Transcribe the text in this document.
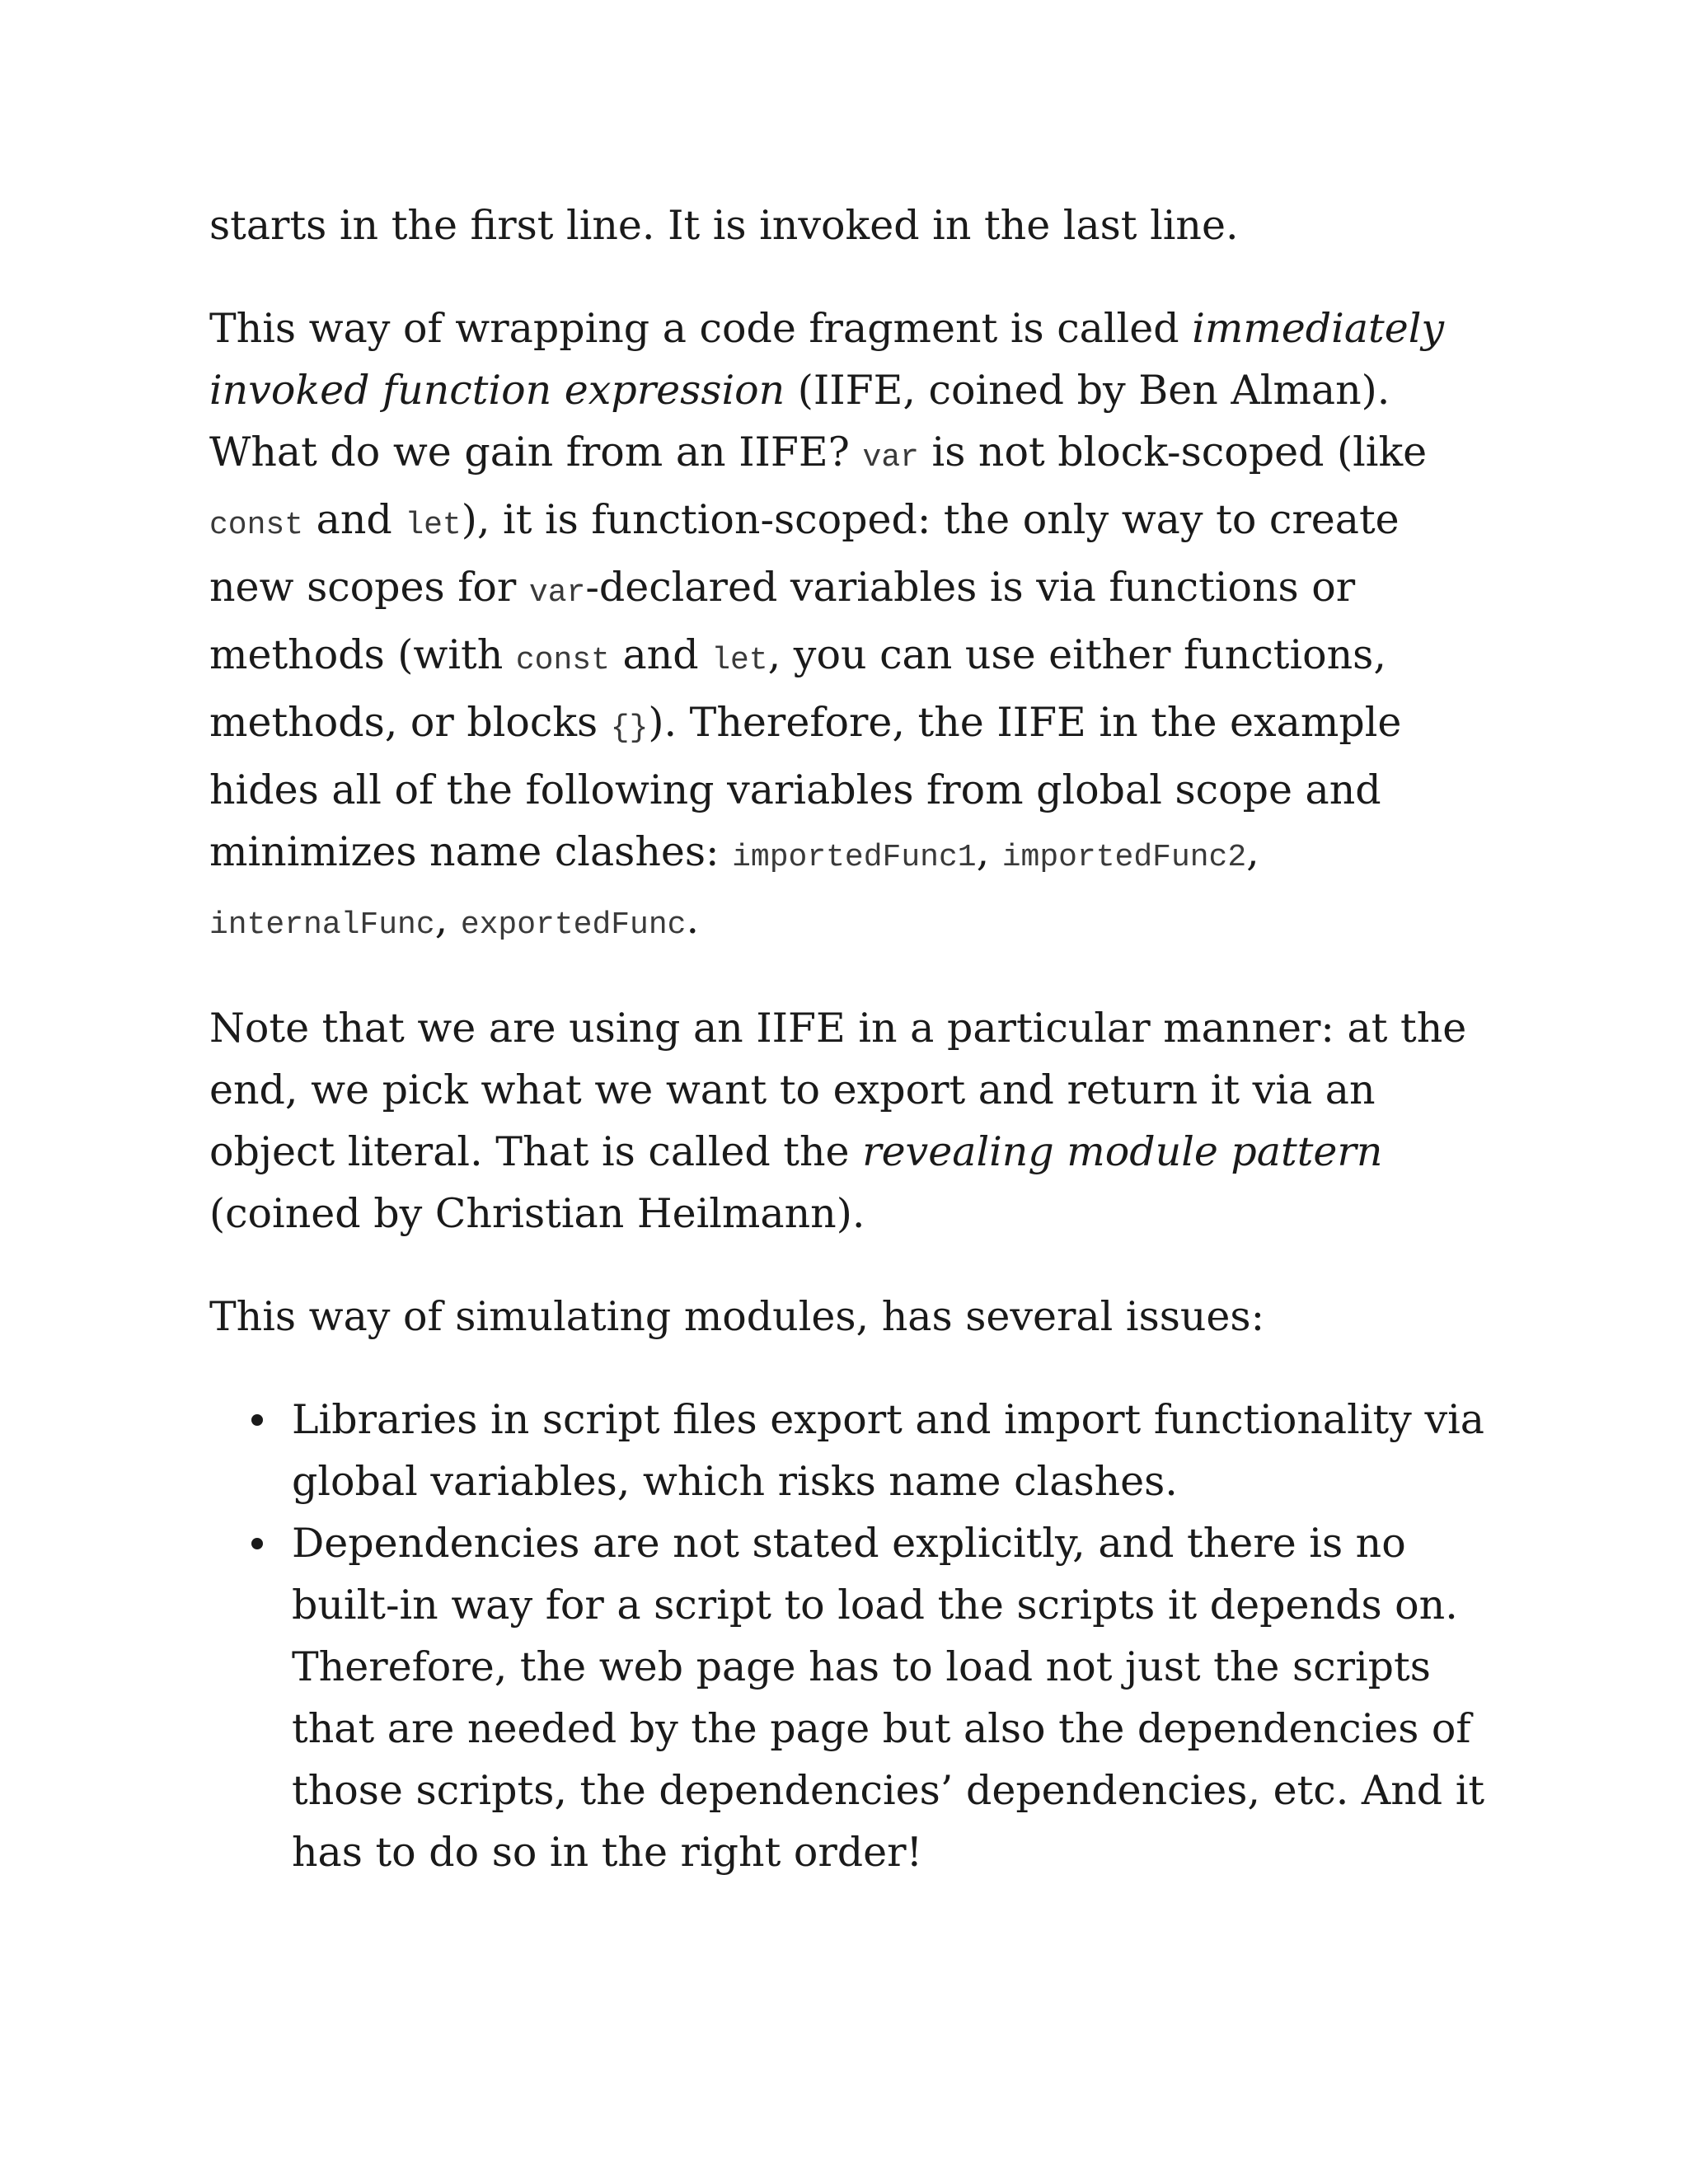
starts in the first line. It is invoked in the last line.

This way of wrapping a code fragment is called immediately invoked function expression (IIFE, coined by Ben Alman). What do we gain from an IIFE? var is not block-scoped (like const and let), it is function-scoped: the only way to create new scopes for var-declared variables is via functions or methods (with const and let, you can use either functions, methods, or blocks {}). Therefore, the IIFE in the example hides all of the following variables from global scope and minimizes name clashes: importedFunc1, importedFunc2,
internalFunc, exportedFunc.

Note that we are using an IIFE in a particular manner: at the end, we pick what we want to export and return it via an object literal. That is called the revealing module pattern (coined by Christian Heilmann).

This way of simulating modules, has several issues:

Libraries in script files export and import functionality via global variables, which risks name clashes.
Dependencies are not stated explicitly, and there is no built-in way for a script to load the scripts it depends on. Therefore, the web page has to load not just the scripts that are needed by the page but also the dependencies of those scripts, the dependencies’ dependencies, etc. And it has to do so in the right order!
